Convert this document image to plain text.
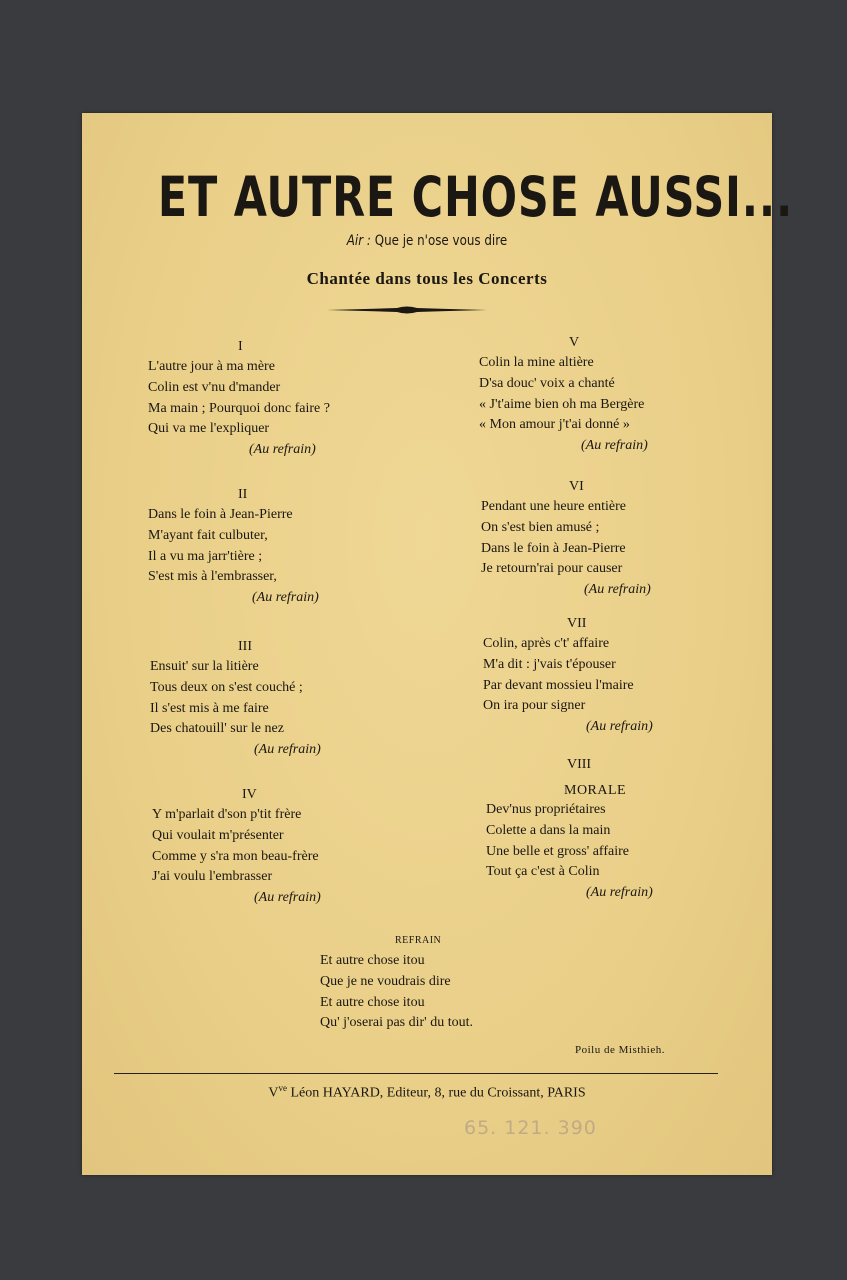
ET AUTRE CHOSE AUSSI...
Air : Que je n'ose vous dire
Chantée dans tous les Concerts
I
L'autre jour à ma mère
Colin est v'nu d'mander
Ma main ; Pourquoi donc faire ?
Qui va me l'expliquer
(Au refrain)
II
Dans le foin à Jean-Pierre
M'ayant fait culbuter,
Il a vu ma jarr'tière ;
S'est mis à l'embrasser,
(Au refrain)
III
Ensuit' sur la litière
Tous deux on s'est couché ;
Il s'est mis à me faire
Des chatouill' sur le nez
(Au refrain)
IV
Y m'parlait d'son p'tit frère
Qui voulait m'présenter
Comme y s'ra mon beau-frère
J'ai voulu l'embrasser
(Au refrain)
V
Colin la mine altière
D'sa douc' voix a chanté
« J't'aime bien oh ma Bergère
« Mon amour j't'ai donné »
(Au refrain)
VI
Pendant une heure entière
On s'est bien amusé ;
Dans le foin à Jean-Pierre
Je retourn'rai pour causer
(Au refrain)
VII
Colin, après c't' affaire
M'a dit : j'vais t'épouser
Par devant mossieu l'maire
On ira pour signer
(Au refrain)
VIII
MORALE
Dev'nus propriétaires
Colette a dans la main
Une belle et gross' affaire
Tout ça c'est à Colin
(Au refrain)
REFRAIN
Et autre chose itou
Que je ne voudrais dire
Et autre chose itou
Qu' j'oserai pas dir' du tout.
Poilu de Misthieh.
$V^{ve}$ Léon HAYARD, Editeur, 8, rue du Croissant, PARIS
65. 121. 390
